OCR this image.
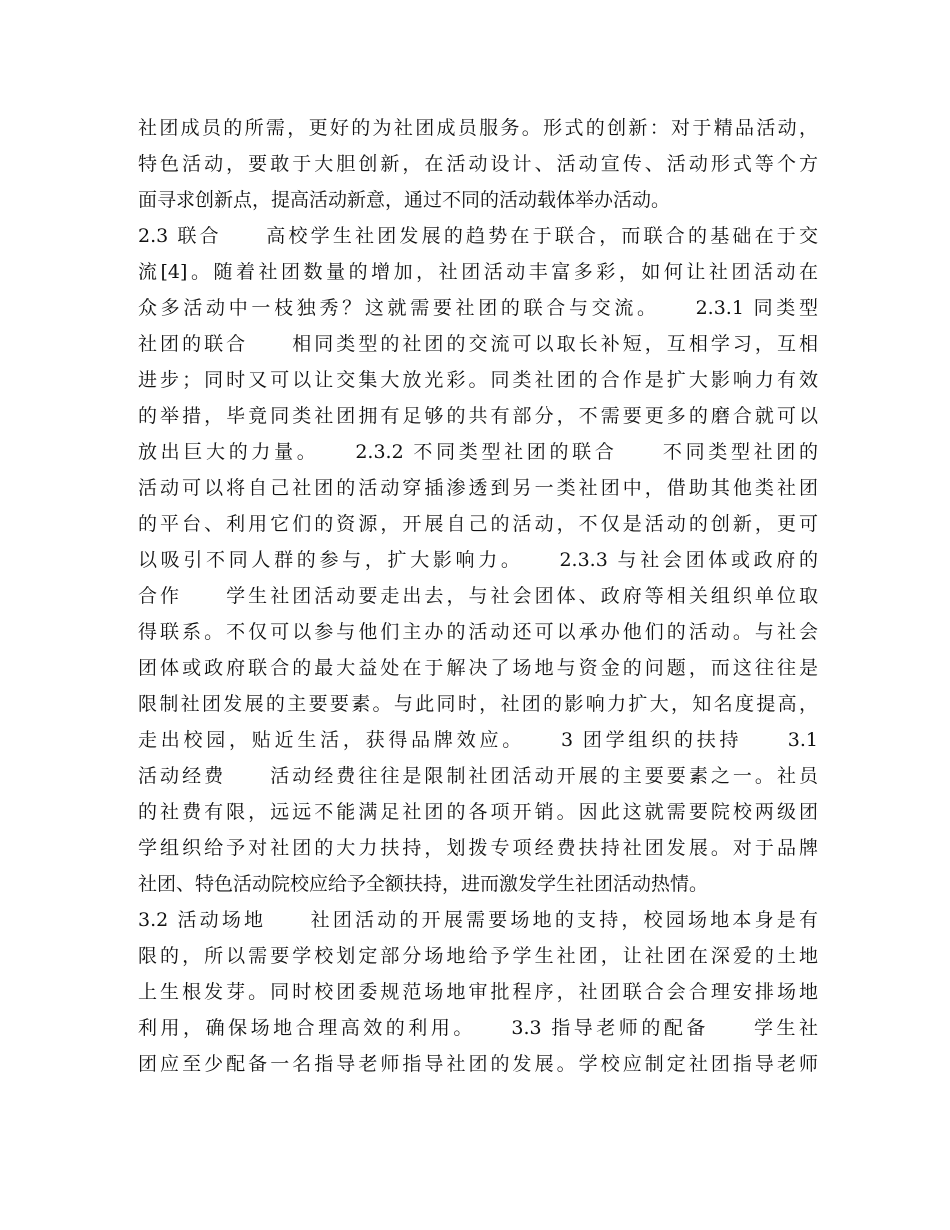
社团成员的所需，更好的为社团成员服务。形式的创新：对于精品活动，
特色活动，要敢于大胆创新，在活动设计、活动宣传、活动形式等个方
面寻求创新点，提高活动新意，通过不同的活动载体举办活动。
2.3 联合　　高校学生社团发展的趋势在于联合，而联合的基础在于交
流[4]。随着社团数量的增加，社团活动丰富多彩，如何让社团活动在
众多活动中一枝独秀？这就需要社团的联合与交流。　　2.3.1 同类型
社团的联合　　相同类型的社团的交流可以取长补短，互相学习，互相
进步；同时又可以让交集大放光彩。同类社团的合作是扩大影响力有效
的举措，毕竟同类社团拥有足够的共有部分，不需要更多的磨合就可以
放出巨大的力量。　　2.3.2 不同类型社团的联合　　不同类型社团的
活动可以将自己社团的活动穿插渗透到另一类社团中，借助其他类社团
的平台、利用它们的资源，开展自己的活动，不仅是活动的创新，更可
以吸引不同人群的参与，扩大影响力。　　2.3.3 与社会团体或政府的
合作　　学生社团活动要走出去，与社会团体、政府等相关组织单位取
得联系。不仅可以参与他们主办的活动还可以承办他们的活动。与社会
团体或政府联合的最大益处在于解决了场地与资金的问题，而这往往是
限制社团发展的主要要素。与此同时，社团的影响力扩大，知名度提高，
走出校园，贴近生活，获得品牌效应。　　3 团学组织的扶持　　3.1
活动经费　　活动经费往往是限制社团活动开展的主要要素之一。社员
的社费有限，远远不能满足社团的各项开销。因此这就需要院校两级团
学组织给予对社团的大力扶持，划拨专项经费扶持社团发展。对于品牌
社团、特色活动院校应给予全额扶持，进而激发学生社团活动热情。
3.2 活动场地　　社团活动的开展需要场地的支持，校园场地本身是有
限的，所以需要学校划定部分场地给予学生社团，让社团在深爱的土地
上生根发芽。同时校团委规范场地审批程序，社团联合会合理安排场地
利用，确保场地合理高效的利用。　　3.3 指导老师的配备　　学生社
团应至少配备一名指导老师指导社团的发展。学校应制定社团指导老师
